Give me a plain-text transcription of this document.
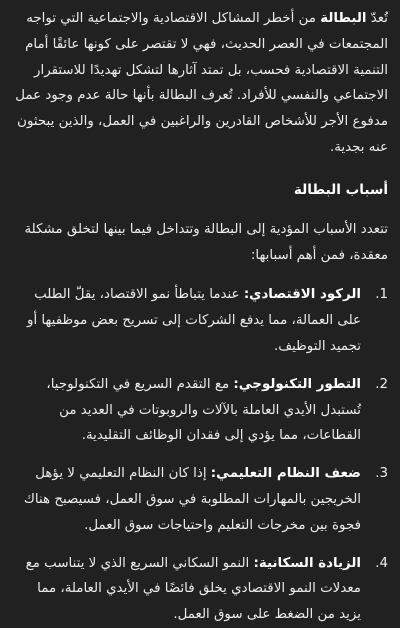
تُعدّ البطالة من أخطر المشاكل الاقتصادية والاجتماعية التي تواجه المجتمعات في العصر الحديث، فهي لا تقتصر على كونها عائقًا أمام التنمية الاقتصادية فحسب، بل تمتد آثارها لتشكل تهديدًا للاستقرار الاجتماعي والنفسي للأفراد. تُعرف البطالة بأنها حالة عدم وجود عمل مدفوع الأجر للأشخاص القادرين والراغبين في العمل، والذين يبحثون عنه بجدية.

أسباب البطالة

تتعدد الأسباب المؤدية إلى البطالة وتتداخل فيما بينها لتخلق مشكلة معقدة، فمن أهم أسبابها:

.1
الركود الاقتصادي: عندما يتباطأ نمو الاقتصاد، يقلّ الطلب على العمالة، مما يدفع الشركات إلى تسريح بعض موظفيها أو تجميد التوظيف.
.2
التطور التكنولوجي: مع التقدم السريع في التكنولوجيا، تُستبدل الأيدي العاملة بالآلات والروبوتات في العديد من القطاعات، مما يؤدي إلى فقدان الوظائف التقليدية.
.3
ضعف النظام التعليمي: إذا كان النظام التعليمي لا يؤهل الخريجين بالمهارات المطلوبة في سوق العمل، فسيصبح هناك فجوة بين مخرجات التعليم واحتياجات سوق العمل.
.4
الزيادة السكانية: النمو السكاني السريع الذي لا يتناسب مع معدلات النمو الاقتصادي يخلق فائضًا في الأيدي العاملة، مما يزيد من الضغط على سوق العمل.
